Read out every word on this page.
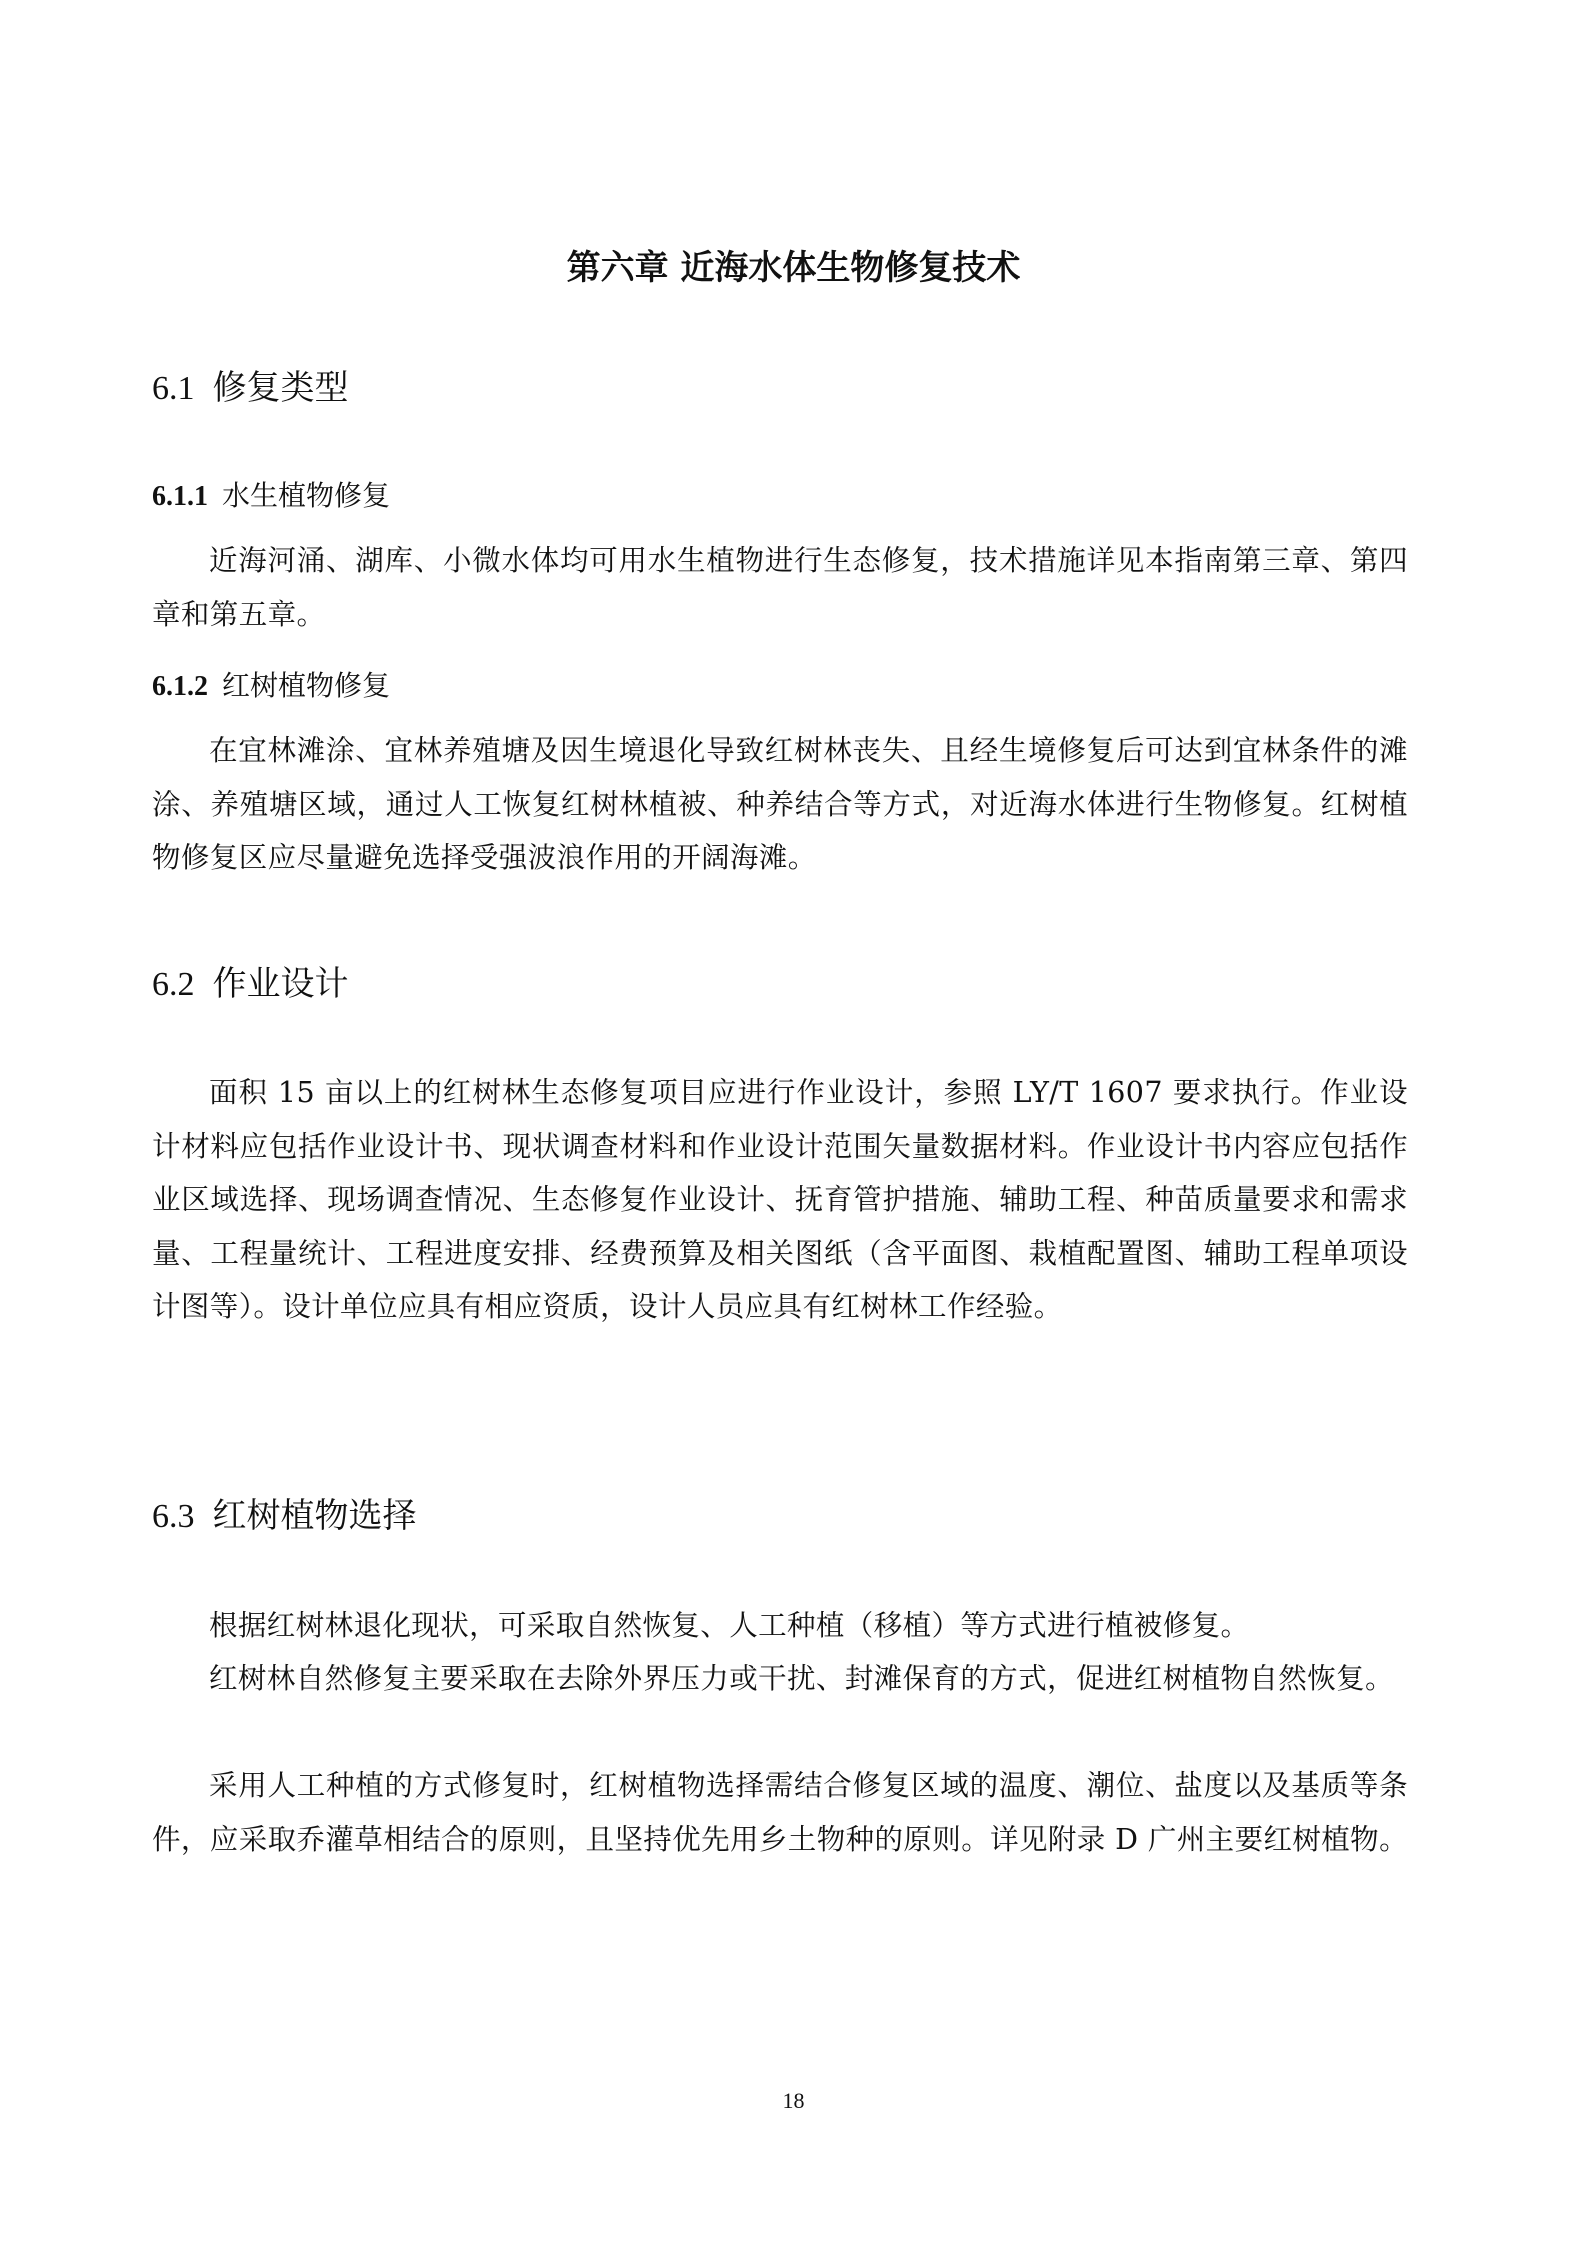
第六章 近海水体生物修复技术
6.1 修复类型
6.1.1 水生植物修复

近海河涌、湖库、小微水体均可用水生植物进行生态修复，技术措施详见本指南第三章、第四章和第五章。

6.1.2 红树植物修复

在宜林滩涂、宜林养殖塘及因生境退化导致红树林丧失、且经生境修复后可达到宜林条件的滩涂、养殖塘区域，通过人工恢复红树林植被、种养结合等方式，对近海水体进行生物修复。红树植物修复区应尽量避免选择受强波浪作用的开阔海滩。

6.2 作业设计

面积 15 亩以上的红树林生态修复项目应进行作业设计，参照 LY/T 1607 要求执行。作业设计材料应包括作业设计书、现状调查材料和作业设计范围矢量数据材料。作业设计书内容应包括作业区域选择、现场调查情况、生态修复作业设计、抚育管护措施、辅助工程、种苗质量要求和需求量、工程量统计、工程进度安排、经费预算及相关图纸（含平面图、栽植配置图、辅助工程单项设计图等）。设计单位应具有相应资质，设计人员应具有红树林工作经验。

6.3 红树植物选择

根据红树林退化现状，可采取自然恢复、人工种植（移植）等方式进行植被修复。

红树林自然修复主要采取在去除外界压力或干扰、封滩保育的方式，促进红树植物自然恢复。

采用人工种植的方式修复时，红树植物选择需结合修复区域的温度、潮位、盐度以及基质等条件，应采取乔灌草相结合的原则，且坚持优先用乡土物种的原则。详见附录 D 广州主要红树植物。

18
